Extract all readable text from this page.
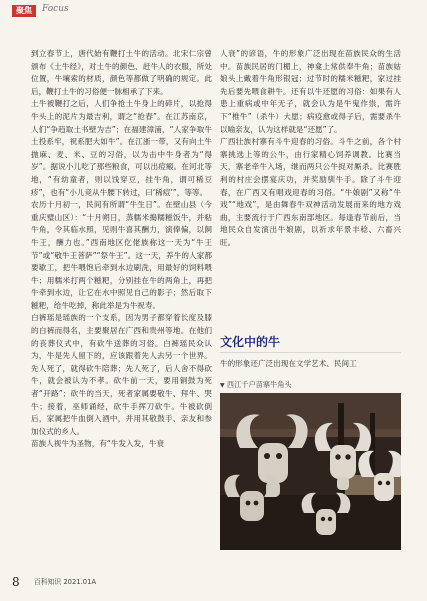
聚焦	Focus

到立春节上，唐代始有鞭打土牛的活动。北宋仁宗曾颁布《土牛经》，对土牛的颜色、赶牛人的衣服，所处位置，牛壤索的材质，颜色等都做了明确的规定。此后，鞭打土牛的习俗便一脉相承了下来。

土牛被鞭打之后，人们争抢土牛身上的碎片，以抢得牛头上的泥片为最吉利，谓之“抢春”。在江苏南京，人们“争趋取土书壁为吉”；在福建漳浦，“人家争取牛土投系牢，祝系肥大如牛”。在江浙一带，又有向土牛抛麻、麦、米、豆的习俗，以为击中牛身者为“得岁”。据说小儿吃了那些粮食，可以出痘瘢。在河北等地，“有幼童者，则以饯穿豆，挂牛角，谓可稀豆疹”，也有“小儿竞从牛腰下转过，曰‘稀痘’”，等等。

农历十月初一，民间有所谓“牛生日”。在壁山县（今重庆璧山区）：“十月朔日，蒸糯米搗糯糍饭牛，并粘牛角，令其临水照，见则牛喜其酬力，演俸偏，以飼牛王，酬力也。”西南地区仡佬族称这一天为“牛王节”或“敬牛王菩萨”“祭牛王”。这一天，养牛的人家都要歇工，把牛喂饱后牵到水边刷洗，用最好的饲料喂牛；用糯米打两个糍粑，分别挂在牛的两角上，再把牛牵到水边，让它在水中照见自己的影子；然后取下糍粑，给牛吃掉，称此举是为牛祝寿。

白裤瑶是瑶族的一个支系，因为男子都穿着长度及膝的白裤而得名，主要聚居在广西和贵州等地。在他们的丧葬仪式中，有砍牛送葬的习俗。白裤瑶民众认为，牛是先人留下的，应该跟着先人去另一个世界。先人死了，就得砍牛陪葬；先人死了，后人舍不得砍牛，就会被认为不孝。砍牛前一天，要用铜鼓为死者“开路”；砍牛的当天，死者家属要敬牛、拜牛、哭牛；接着，巫师诵经，砍牛手挥刀砍牛。牛被砍倒后，家属把牛血倒入酒中，并用其敬鼓手、亲友和参加仪式的乡人。

苗族人视牛为圣物，有“牛发入发，牛衰

人衰”的谚语，牛的形象广泛出现在苗族民众的生活中。苗族民居的门楣上，神龛上常供奉牛角；苗族姑娘头上戴着牛角形银冠；过节时的糯米糍粑，家过挂先后要先喂食耕牛。还有以牛还愿的习俗：如果有人患上重病或中年无子，就会认为是牛鬼作祟，需许下“椎牛”（杀牛）大愿；病疫愈或得子后，需要杀牛以喻亲友，认为这样就是“还愿”了。

广西壮族村寨有斗牛迎春的习俗。斗牛之前，各个村寨挑选上等的公牛，由行家精心饲养调教。比赛当天，寨老牵牛入场，继而两只公牛捉对厮杀。比赛胜利的村庄会摆宴庆功，并奖励驯牛手。除了斗牛迎春，在广西又有唱戏迎春的习俗。“牛娘剧”又称“牛戏”“地戏”，是由舞春牛双神活动发展而来的地方戏曲，主要流行于广西东南部地区。每逢春节前后，当地民众自发演出牛娘剧，以祈求年景丰稔、六畜兴旺。

文化中的牛
牛的形象还广泛出现在文学艺术、民间工
▼ 西江千户苗寨牛角头
8 百科知识 2021.01A
